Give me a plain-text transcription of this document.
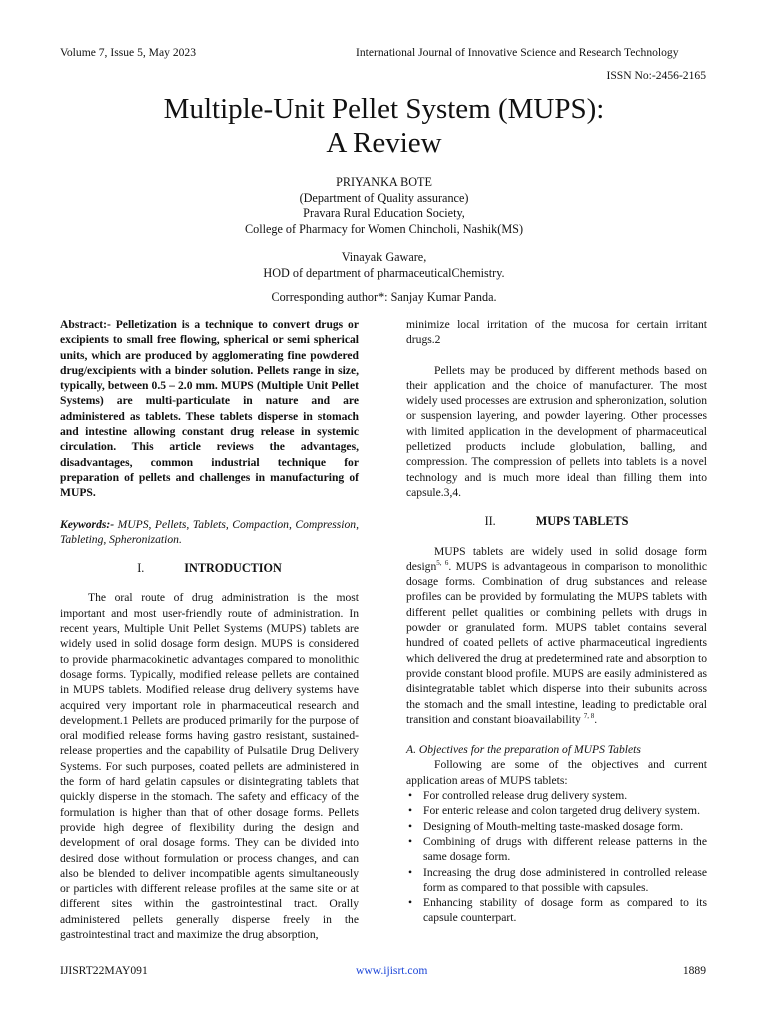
Volume 7, Issue 5, May 2023	International Journal of Innovative Science and Research Technology
ISSN No:-2456-2165
Multiple-Unit Pellet System (MUPS):
A Review
PRIYANKA BOTE
(Department of Quality assurance)
Pravara Rural Education Society,
College of Pharmacy for Women Chincholi, Nashik(MS)
Vinayak Gaware,
HOD of department of pharmaceuticalChemistry.
Corresponding author*: Sanjay Kumar Panda.

Abstract:- Pelletization is a technique to convert drugs or excipients to small free flowing, spherical or semi spherical units, which are produced by agglomerating fine powdered drug/excipients with a binder solution. Pellets range in size, typically, between 0.5 – 2.0 mm. MUPS (Multiple Unit Pellet Systems) are multi-particulate in nature and are administered as tablets. These tablets disperse in stomach and intestine allowing constant drug release in systemic circulation. This article reviews the advantages, disadvantages, common industrial technique for preparation of pellets and challenges in manufacturing of MUPS.

Keywords:- MUPS, Pellets, Tablets, Compaction, Compression, Tableting, Spheronization.

I.	INTRODUCTION

The oral route of drug administration is the most important and most user-friendly route of administration. In recent years, Multiple Unit Pellet Systems (MUPS) tablets are widely used in solid dosage form design. MUPS is considered to provide pharmacokinetic advantages compared to monolithic dosage forms. Typically, modified release pellets are contained in MUPS tablets. Modified release drug delivery systems have acquired very important role in pharmaceutical research and development.1 Pellets are produced primarily for the purpose of oral modified release forms having gastro resistant, sustained-release properties and the capability of Pulsatile Drug Delivery Systems. For such purposes, coated pellets are administered in the form of hard gelatin capsules or disintegrating tablets that quickly disperse in the stomach. The safety and efficacy of the formulation is higher than that of other dosage forms. Pellets provide high degree of flexibility during the design and development of oral dosage forms. They can be divided into desired dose without formulation or process changes, and can also be blended to deliver incompatible agents simultaneously or particles with different release profiles at the same site or at different sites within the gastrointestinal tract. Orally administered pellets generally disperse freely in the gastrointestinal tract and maximize the drug absorption,

minimize local irritation of the mucosa for certain irritant drugs.2

Pellets may be produced by different methods based on their application and the choice of manufacturer. The most widely used processes are extrusion and spheronization, solution or suspension layering, and powder layering. Other processes with limited application in the development of pharmaceutical pelletized products include globulation, balling, and compression. The compression of pellets into tablets is a novel technology and is much more ideal than filling them into capsule.3,4.

II.	MUPS TABLETS

MUPS tablets are widely used in solid dosage form design$^{5, 6}$. MUPS is advantageous in comparison to monolithic dosage forms. Combination of drug substances and release profiles can be provided by formulating the MUPS tablets with different pellet qualities or combining pellets with drugs in powder or granulated form. MUPS tablet contains several hundred of coated pellets of active pharmaceutical ingredients which delivered the drug at predetermined rate and absorption to provide constant blood profile. MUPS are easily administered as disintegratable tablet which disperse into their subunits across the stomach and the small intestine, leading to predictable oral transition and constant bioavailability $^{7, 8}$.

A. Objectives for the preparation of MUPS Tablets

Following are some of the objectives and current application areas of MUPS tablets:

• For controlled release drug delivery system.
• For enteric release and colon targeted drug delivery system.
• Designing of Mouth-melting taste-masked dosage form.
• Combining of drugs with different release patterns in the same dosage form.
• Increasing the drug dose administered in controlled release form as compared to that possible with capsules.
• Enhancing stability of dosage form as compared to its capsule counterpart.
IJISRT22MAY091	www.ijisrt.com	1889
